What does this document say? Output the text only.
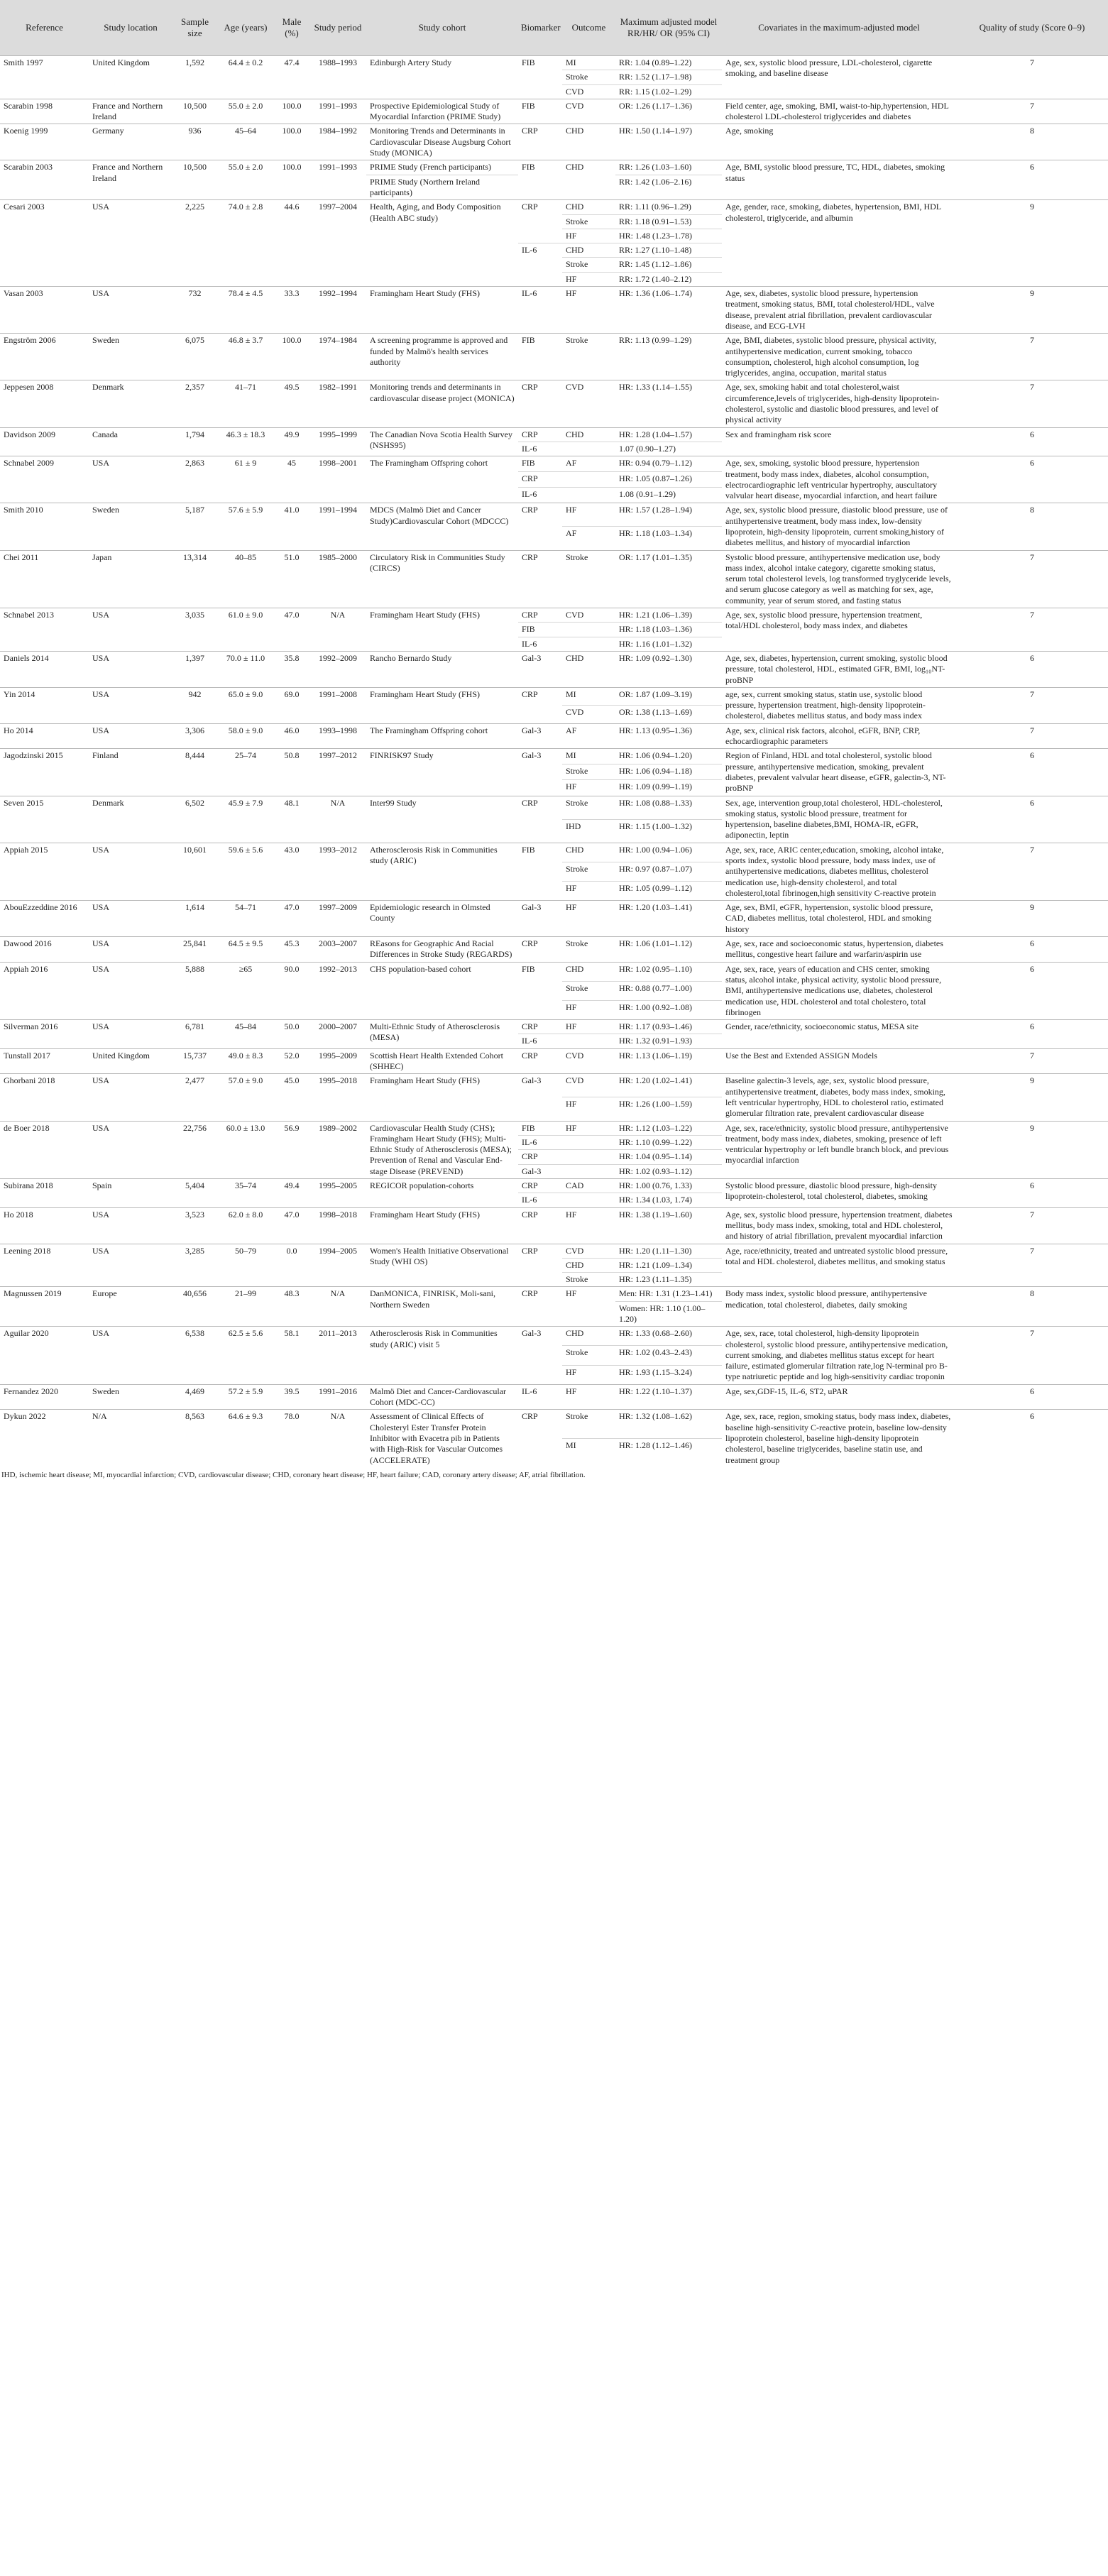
Reference	Study location	Sample size	Age (years)	Male (%)	Study period	Study cohort	Biomarker	Outcome	Maximum adjusted model RR/HR/ OR (95% CI)	Covariates in the maximum-adjusted model	Quality of study (Score 0–9)
Smith 1997	United Kingdom	1,592	64.4 ± 0.2	47.4	1988–1993	Edinburgh Artery Study	FIB	MI	RR: 1.04 (0.89–1.22)	Age, sex, systolic blood pressure, LDL-cholesterol, cigarette smoking, and baseline disease	7
								Stroke	RR: 1.52 (1.17–1.98)		
								CVD	RR: 1.15 (1.02–1.29)		
Scarabin 1998	France and Northern Ireland	10,500	55.0 ± 2.0	100.0	1991–1993	Prospective Epidemiological Study of Myocardial Infarction (PRIME Study)	FIB	CVD	OR: 1.26 (1.17–1.36)	Field center, age, smoking, BMI, waist-to-hip,hypertension, HDL cholesterol LDL-cholesterol triglycerides and diabetes	7
Koenig 1999	Germany	936	45–64	100.0	1984–1992	Monitoring Trends and Determinants in Cardiovascular Disease Augsburg Cohort Study (MONICA)	CRP	CHD	HR: 1.50 (1.14–1.97)	Age, smoking	8
Scarabin 2003	France and Northern Ireland	10,500	55.0 ± 2.0	100.0	1991–1993	PRIME Study (French participants)	FIB	CHD	RR: 1.26 (1.03–1.60)	Age, BMI, systolic blood pressure, TC, HDL, diabetes, smoking status	6
						PRIME Study (Northern Ireland participants)			RR: 1.42 (1.06–2.16)		
Cesari 2003	USA	2,225	74.0 ± 2.8	44.6	1997–2004	Health, Aging, and Body Composition (Health ABC study)	CRP	CHD	RR: 1.11 (0.96–1.29)	Age, gender, race, smoking, diabetes, hypertension, BMI, HDL cholesterol, triglyceride, and albumin	9
								Stroke	RR: 1.18 (0.91–1.53)		
								HF	HR: 1.48 (1.23–1.78)		
							IL-6	CHD	RR: 1.27 (1.10–1.48)		
								Stroke	RR: 1.45 (1.12–1.86)		
								HF	RR: 1.72 (1.40–2.12)		
Vasan 2003	USA	732	78.4 ± 4.5	33.3	1992–1994	Framingham Heart Study (FHS)	IL-6	HF	HR: 1.36 (1.06–1.74)	Age, sex, diabetes, systolic blood pressure, hypertension treatment, smoking status, BMI, total cholesterol/HDL, valve disease, prevalent atrial fibrillation, prevalent cardiovascular disease, and ECG-LVH	9
Engström 2006	Sweden	6,075	46.8 ± 3.7	100.0	1974–1984	A screening programme is approved and funded by Malmö's health services authority	FIB	Stroke	RR: 1.13 (0.99–1.29)	Age, BMI, diabetes, systolic blood pressure, physical activity, antihypertensive medication, current smoking, tobacco consumption, cholesterol, high alcohol consumption, log triglycerides, angina, occupation, marital status	7
Jeppesen 2008	Denmark	2,357	41–71	49.5	1982–1991	Monitoring trends and determinants in cardiovascular disease project (MONICA)	CRP	CVD	HR: 1.33 (1.14–1.55)	Age, sex, smoking habit and total cholesterol,waist circumference,levels of triglycerides, high-density lipoprotein-cholesterol, systolic and diastolic blood pressures, and level of physical activity	7
Davidson 2009	Canada	1,794	46.3 ± 18.3	49.9	1995–1999	The Canadian Nova Scotia Health Survey (NSHS95)	CRP	CHD	HR: 1.28 (1.04–1.57)	Sex and framingham risk score	6
							IL-6		1.07 (0.90–1.27)		
Schnabel 2009	USA	2,863	61 ± 9	45	1998–2001	The Framingham Offspring cohort	FIB	AF	HR: 0.94 (0.79–1.12)	Age, sex, smoking, systolic blood pressure, hypertension treatment, body mass index, diabetes, alcohol consumption, electrocardiographic left ventricular hypertrophy, auscultatory valvular heart disease, myocardial infarction, and heart failure	6
							CRP		HR: 1.05 (0.87–1.26)		
							IL-6		1.08 (0.91–1.29)		
Smith 2010	Sweden	5,187	57.6 ± 5.9	41.0	1991–1994	MDCS (Malmö Diet and Cancer Study)Cardiovascular Cohort (MDCCC)	CRP	HF	HR: 1.57 (1.28–1.94)	Age, sex, systolic blood pressure, diastolic blood pressure, use of antihypertensive treatment, body mass index, low-density lipoprotein, high-density lipoprotein, current smoking,history of diabetes mellitus, and history of myocardial infarction	8
								AF	HR: 1.18 (1.03–1.34)		
Chei 2011	Japan	13,314	40–85	51.0	1985–2000	Circulatory Risk in Communities Study (CIRCS)	CRP	Stroke	OR: 1.17 (1.01–1.35)	Systolic blood pressure, antihypertensive medication use, body mass index, alcohol intake category, cigarette smoking status, serum total cholesterol levels, log transformed tryglyceride levels, and serum glucose category as well as matching for sex, age, community, year of serum stored, and fasting status	7
Schnabel 2013	USA	3,035	61.0 ± 9.0	47.0	N/A	Framingham Heart Study (FHS)	CRP	CVD	HR: 1.21 (1.06–1.39)	Age, sex, systolic blood pressure, hypertension treatment, total/HDL cholesterol, body mass index, and diabetes	7
							FIB		HR: 1.18 (1.03–1.36)		
							IL-6		HR: 1.16 (1.01–1.32)		
Daniels 2014	USA	1,397	70.0 ± 11.0	35.8	1992–2009	Rancho Bernardo Study	Gal-3	CHD	HR: 1.09 (0.92–1.30)	Age, sex, diabetes, hypertension, current smoking, systolic blood pressure, total cholesterol, HDL, estimated GFR, BMI, log₁₀NT-proBNP	6
Yin 2014	USA	942	65.0 ± 9.0	69.0	1991–2008	Framingham Heart Study (FHS)	CRP	MI	OR: 1.87 (1.09–3.19)	age, sex, current smoking status, statin use, systolic blood pressure, hypertension treatment, high-density lipoprotein-cholesterol, diabetes mellitus status, and body mass index	7
								CVD	OR: 1.38 (1.13–1.69)		
Ho 2014	USA	3,306	58.0 ± 9.0	46.0	1993–1998	The Framingham Offspring cohort	Gal-3	AF	HR: 1.13 (0.95–1.36)	Age, sex, clinical risk factors, alcohol, eGFR, BNP, CRP, echocardiographic parameters	7
Jagodzinski 2015	Finland	8,444	25–74	50.8	1997–2012	FINRISK97 Study	Gal-3	MI	HR: 1.06 (0.94–1.20)	Region of Finland, HDL and total cholesterol, systolic blood pressure, antihypertensive medication, smoking, prevalent diabetes, prevalent valvular heart disease, eGFR, galectin-3, NT-proBNP	6
								Stroke	HR: 1.06 (0.94–1.18)		
								HF	HR: 1.09 (0.99–1.19)		
Seven 2015	Denmark	6,502	45.9 ± 7.9	48.1	N/A	Inter99 Study	CRP	Stroke	HR: 1.08 (0.88–1.33)	Sex, age, intervention group,total cholesterol, HDL-cholesterol, smoking status, systolic blood pressure, treatment for hypertension, baseline diabetes,BMI, HOMA-IR, eGFR, adiponectin, leptin	6
								IHD	HR: 1.15 (1.00–1.32)		
Appiah 2015	USA	10,601	59.6 ± 5.6	43.0	1993–2012	Atherosclerosis Risk in Communities study (ARIC)	FIB	CHD	HR: 1.00 (0.94–1.06)	Age, sex, race, ARIC center,education, smoking, alcohol intake, sports index, systolic blood pressure, body mass index, use of antihypertensive medications, diabetes mellitus, cholesterol medication use, high-density cholesterol, and total cholesterol,total fibrinogen,high sensitivity C-reactive protein	7
								Stroke	HR: 0.97 (0.87–1.07)		
								HF	HR: 1.05 (0.99–1.12)		
AbouEzzeddine 2016	USA	1,614	54–71	47.0	1997–2009	Epidemiologic research in Olmsted County	Gal-3	HF	HR: 1.20 (1.03–1.41)	Age, sex, BMI, eGFR, hypertension, systolic blood pressure, CAD, diabetes mellitus, total cholesterol, HDL and smoking history	9
Dawood 2016	USA	25,841	64.5 ± 9.5	45.3	2003–2007	REasons for Geographic And Racial Differences in Stroke Study (REGARDS)	CRP	Stroke	HR: 1.06 (1.01–1.12)	Age, sex, race and socioeconomic status, hypertension, diabetes mellitus, congestive heart failure and warfarin/aspirin use	6
Appiah 2016	USA	5,888	≥65	90.0	1992–2013	CHS population-based cohort	FIB	CHD	HR: 1.02 (0.95–1.10)	Age, sex, race, years of education and CHS center, smoking status, alcohol intake, physical activity, systolic blood pressure, BMI, antihypertensive medications use, diabetes, cholesterol medication use, HDL cholesterol and total cholestero, total fibrinogen	6
								Stroke	HR: 0.88 (0.77–1.00)		
								HF	HR: 1.00 (0.92–1.08)		
Silverman 2016	USA	6,781	45–84	50.0	2000–2007	Multi-Ethnic Study of Atherosclerosis (MESA)	CRP	HF	HR: 1.17 (0.93–1.46)	Gender, race/ethnicity, socioeconomic status, MESA site	6
							IL-6		HR: 1.32 (0.91–1.93)		
Tunstall 2017	United Kingdom	15,737	49.0 ± 8.3	52.0	1995–2009	Scottish Heart Health Extended Cohort (SHHEC)	CRP	CVD	HR: 1.13 (1.06–1.19)	Use the Best and Extended ASSIGN Models	7
Ghorbani 2018	USA	2,477	57.0 ± 9.0	45.0	1995–2018	Framingham Heart Study (FHS)	Gal-3	CVD	HR: 1.20 (1.02–1.41)	Baseline galectin-3 levels, age, sex, systolic blood pressure, antihypertensive treatment, diabetes, body mass index, smoking, left ventricular hypertrophy, HDL to cholesterol ratio, estimated glomerular filtration rate, prevalent cardiovascular disease	9
								HF	HR: 1.26 (1.00–1.59)		
de Boer 2018	USA	22,756	60.0 ± 13.0	56.9	1989–2002	Cardiovascular Health Study (CHS); Framingham Heart Study (FHS); Multi-Ethnic Study of Atherosclerosis (MESA); Prevention of Renal and Vascular End-stage Disease (PREVEND)	FIB	HF	HR: 1.12 (1.03–1.22)	Age, sex, race/ethnicity, systolic blood pressure, antihypertensive treatment, body mass index, diabetes, smoking, presence of left ventricular hypertrophy or left bundle branch block, and previous myocardial infarction	9
							IL-6		HR: 1.10 (0.99–1.22)		
							CRP		HR: 1.04 (0.95–1.14)		
							Gal-3		HR: 1.02 (0.93–1.12)		
Subirana 2018	Spain	5,404	35–74	49.4	1995–2005	REGICOR population-cohorts	CRP	CAD	HR: 1.00 (0.76, 1.33)	Systolic blood pressure, diastolic blood pressure, high-density lipoprotein-cholesterol, total cholesterol, diabetes, smoking	6
							IL-6		HR: 1.34 (1.03, 1.74)		
Ho 2018	USA	3,523	62.0 ± 8.0	47.0	1998–2018	Framingham Heart Study (FHS)	CRP	HF	HR: 1.38 (1.19–1.60)	Age, sex, systolic blood pressure, hypertension treatment, diabetes mellitus, body mass index, smoking, total and HDL cholesterol, and history of atrial fibrillation, prevalent myocardial infarction	7
Leening 2018	USA	3,285	50–79	0.0	1994–2005	Women's Health Initiative Observational Study (WHI OS)	CRP	CVD	HR: 1.20 (1.11–1.30)	Age, race/ethnicity, treated and untreated systolic blood pressure, total and HDL cholesterol, diabetes mellitus, and smoking status	7
								CHD	HR: 1.21 (1.09–1.34)		
								Stroke	HR: 1.23 (1.11–1.35)		
Magnussen 2019	Europe	40,656	21–99	48.3	N/A	DanMONICA, FINRISK, Moli-sani, Northern Sweden	CRP	HF	Men: HR: 1.31 (1.23–1.41)	Body mass index, systolic blood pressure, antihypertensive medication, total cholesterol, diabetes, daily smoking	8
									Women: HR: 1.10 (1.00–1.20)		
Aguilar 2020	USA	6,538	62.5 ± 5.6	58.1	2011–2013	Atherosclerosis Risk in Communities study (ARIC) visit 5	Gal-3	CHD	HR: 1.33 (0.68–2.60)	Age, sex, race, total cholesterol, high-density lipoprotein cholesterol, systolic blood pressure, antihypertensive medication, current smoking, and diabetes mellitus status except for heart failure, estimated glomerular filtration rate,log N-terminal pro B-type natriuretic peptide and log high-sensitivity cardiac troponin	7
								Stroke	HR: 1.02 (0.43–2.43)		
								HF	HR: 1.93 (1.15–3.24)		
Fernandez 2020	Sweden	4,469	57.2 ± 5.9	39.5	1991–2016	Malmö Diet and Cancer-Cardiovascular Cohort (MDC-CC)	IL-6	HF	HR: 1.22 (1.10–1.37)	Age, sex,GDF-15, IL-6, ST2, uPAR	6
Dykun 2022	N/A	8,563	64.6 ± 9.3	78.0	N/A	Assessment of Clinical Effects of Cholesteryl Ester Transfer Protein Inhibitor with Evacetra pib in Patients with High-Risk for Vascular Outcomes (ACCELERATE)	CRP	Stroke	HR: 1.32 (1.08–1.62)	Age, sex, race, region, smoking status, body mass index, diabetes, baseline high-sensitivity C-reactive protein, baseline low-density lipoprotein cholesterol, baseline high-density lipoprotein cholesterol, baseline triglycerides, baseline statin use, and treatment group	6
								MI	HR: 1.28 (1.12–1.46)		
IHD, ischemic heart disease; MI, myocardial infarction; CVD, cardiovascular disease; CHD, coronary heart disease; HF, heart failure; CAD, coronary artery disease; AF, atrial fibrillation.
